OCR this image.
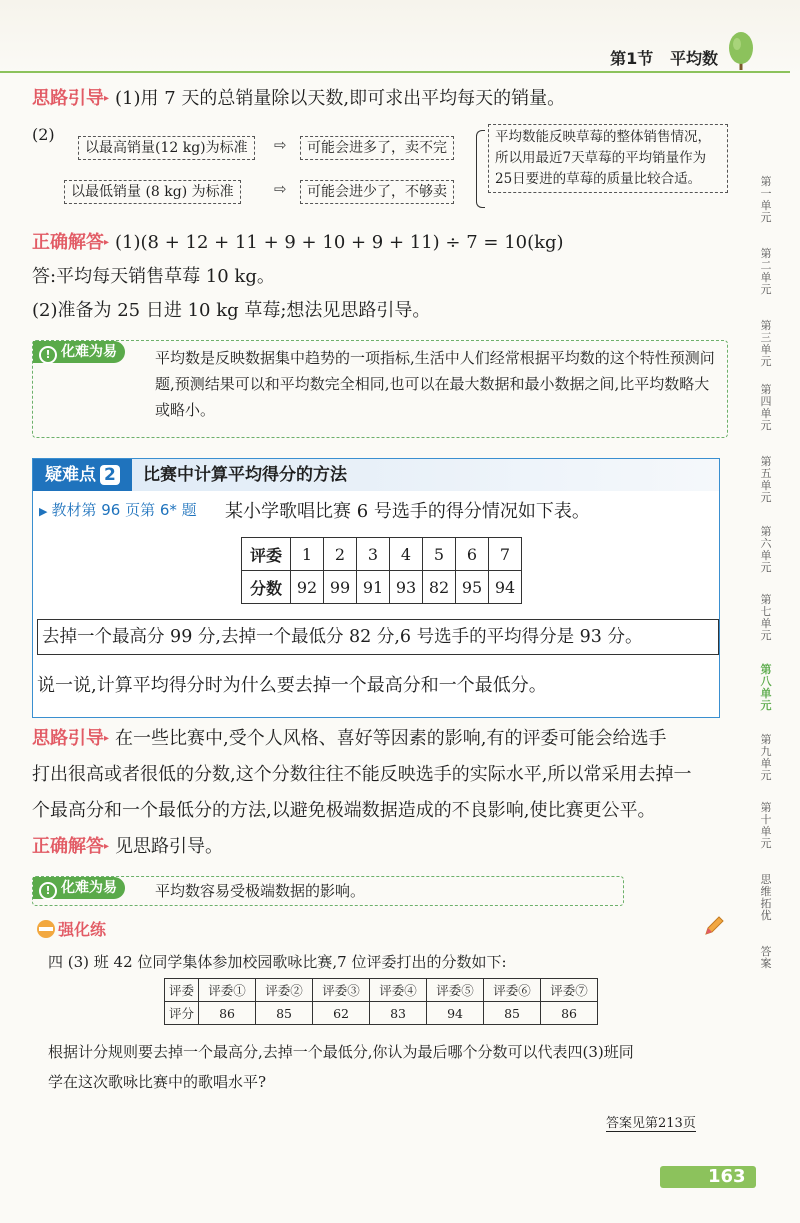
第1节 平均数
思路引导▸ (1)用 7 天的总销量除以天数,即可求出平均每天的销量。
(2)
以最高销量(12 kg)为标准	⇨	可能会进多了，卖不完
以最低销量 (8 kg) 为标准	⇨	可能会进少了，不够卖
平均数能反映草莓的整体销售情况，所以用最近7天草莓的平均销量作为25日要进的草莓的质量比较合适。
正确解答▸ (1)(8 + 12 + 11 + 9 + 10 + 9 + 11) ÷ 7 = 10(kg)
答:平均每天销售草莓 10 kg。
(2)准备为 25 日进 10 kg 草莓;想法见思路引导。
! 化难为易	平均数是反映数据集中趋势的一项指标,生活中人们经常根据平均数的这个特性预测问题,预测结果可以和平均数完全相同,也可以在最大数据和最小数据之间,比平均数略大或略小。
疑难点 2	比赛中计算平均得分的方法
▶ 教材第 96 页第 6* 题 某小学歌唱比赛 6 号选手的得分情况如下表。
评委	1	2	3	4	5	6	7
分数	92	99	91	93	82	95	94
去掉一个最高分 99 分,去掉一个最低分 82 分,6 号选手的平均得分是 93 分。
说一说,计算平均得分时为什么要去掉一个最高分和一个最低分。
思路引导▸ 在一些比赛中,受个人风格、喜好等因素的影响,有的评委可能会给选手
打出很高或者很低的分数,这个分数往往不能反映选手的实际水平,所以常采用去掉一
个最高分和一个最低分的方法,以避免极端数据造成的不良影响,使比赛更公平。
正确解答▸ 见思路引导。
! 化难为易	平均数容易受极端数据的影响。
强化练
四 (3) 班 42 位同学集体参加校园歌咏比赛,7 位评委打出的分数如下:
评委	评委①	评委②	评委③	评委④	评委⑤	评委⑥	评委⑦
评分	86	85	62	83	94	85	86
根据计分规则要去掉一个最高分,去掉一个最低分,你认为最后哪个分数可以代表四(3)班同
学在这次歌咏比赛中的歌唱水平?
答案见第213页
第一单元
第二单元
第三单元
第四单元
第五单元
第六单元
第七单元
第八单元
第九单元
第十单元
思维拓优
答案
163
